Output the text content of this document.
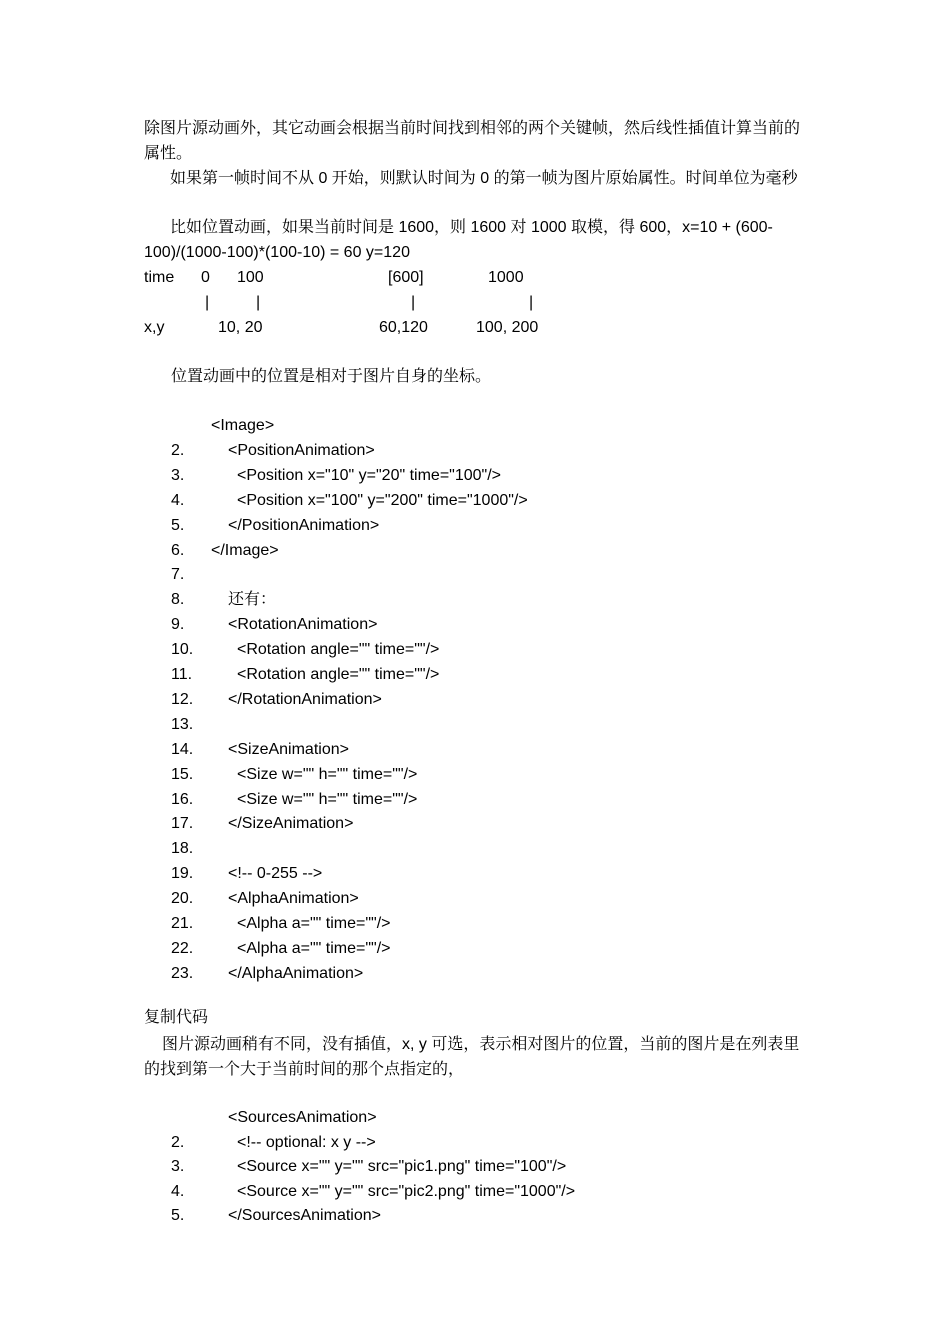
除图片源动画外，其它动画会根据当前时间找到相邻的两个关键帧，然后线性插值计算当前的属性。
如果第一帧时间不从 0 开始，则默认时间为 0 的第一帧为图片原始属性。时间单位为毫秒
比如位置动画，如果当前时间是 1600，则 1600 对 1000 取模，得 600，x=10 + (600-100)/(1000-100)*(100-10) = 60 y=120
time 0 100	[600]	1000
|	|	|	|
x,y	10, 20	60,120	100, 200
位置动画中的位置是相对于图片自身的坐标。
<Image>
2.	<PositionAnimation>
3.	<Position x="10" y="20" time="100"/>
4.	<Position x="100" y="200" time="1000"/>
5.	</PositionAnimation>
6.	</Image>
7.
8.	还有：
9.	<RotationAnimation>
10.	<Rotation angle="" time=""/>
11.	<Rotation angle="" time=""/>
12.	</RotationAnimation>
13.
14.	<SizeAnimation>
15.	<Size w="" h="" time=""/>
16.	<Size w="" h="" time=""/>
17.	</SizeAnimation>
18.
19.	<!-- 0-255 -->
20.	<AlphaAnimation>
21.	<Alpha a="" time=""/>
22.	<Alpha a="" time=""/>
23.	</AlphaAnimation>
复制代码
图片源动画稍有不同，没有插值，x, y 可选，表示相对图片的位置，当前的图片是在列表里的找到第一个大于当前时间的那个点指定的，
<SourcesAnimation>
2.	<!-- optional: x y -->
3.	<Source x="" y="" src="pic1.png" time="100"/>
4.	<Source x="" y="" src="pic2.png" time="1000"/>
5.	</SourcesAnimation>
